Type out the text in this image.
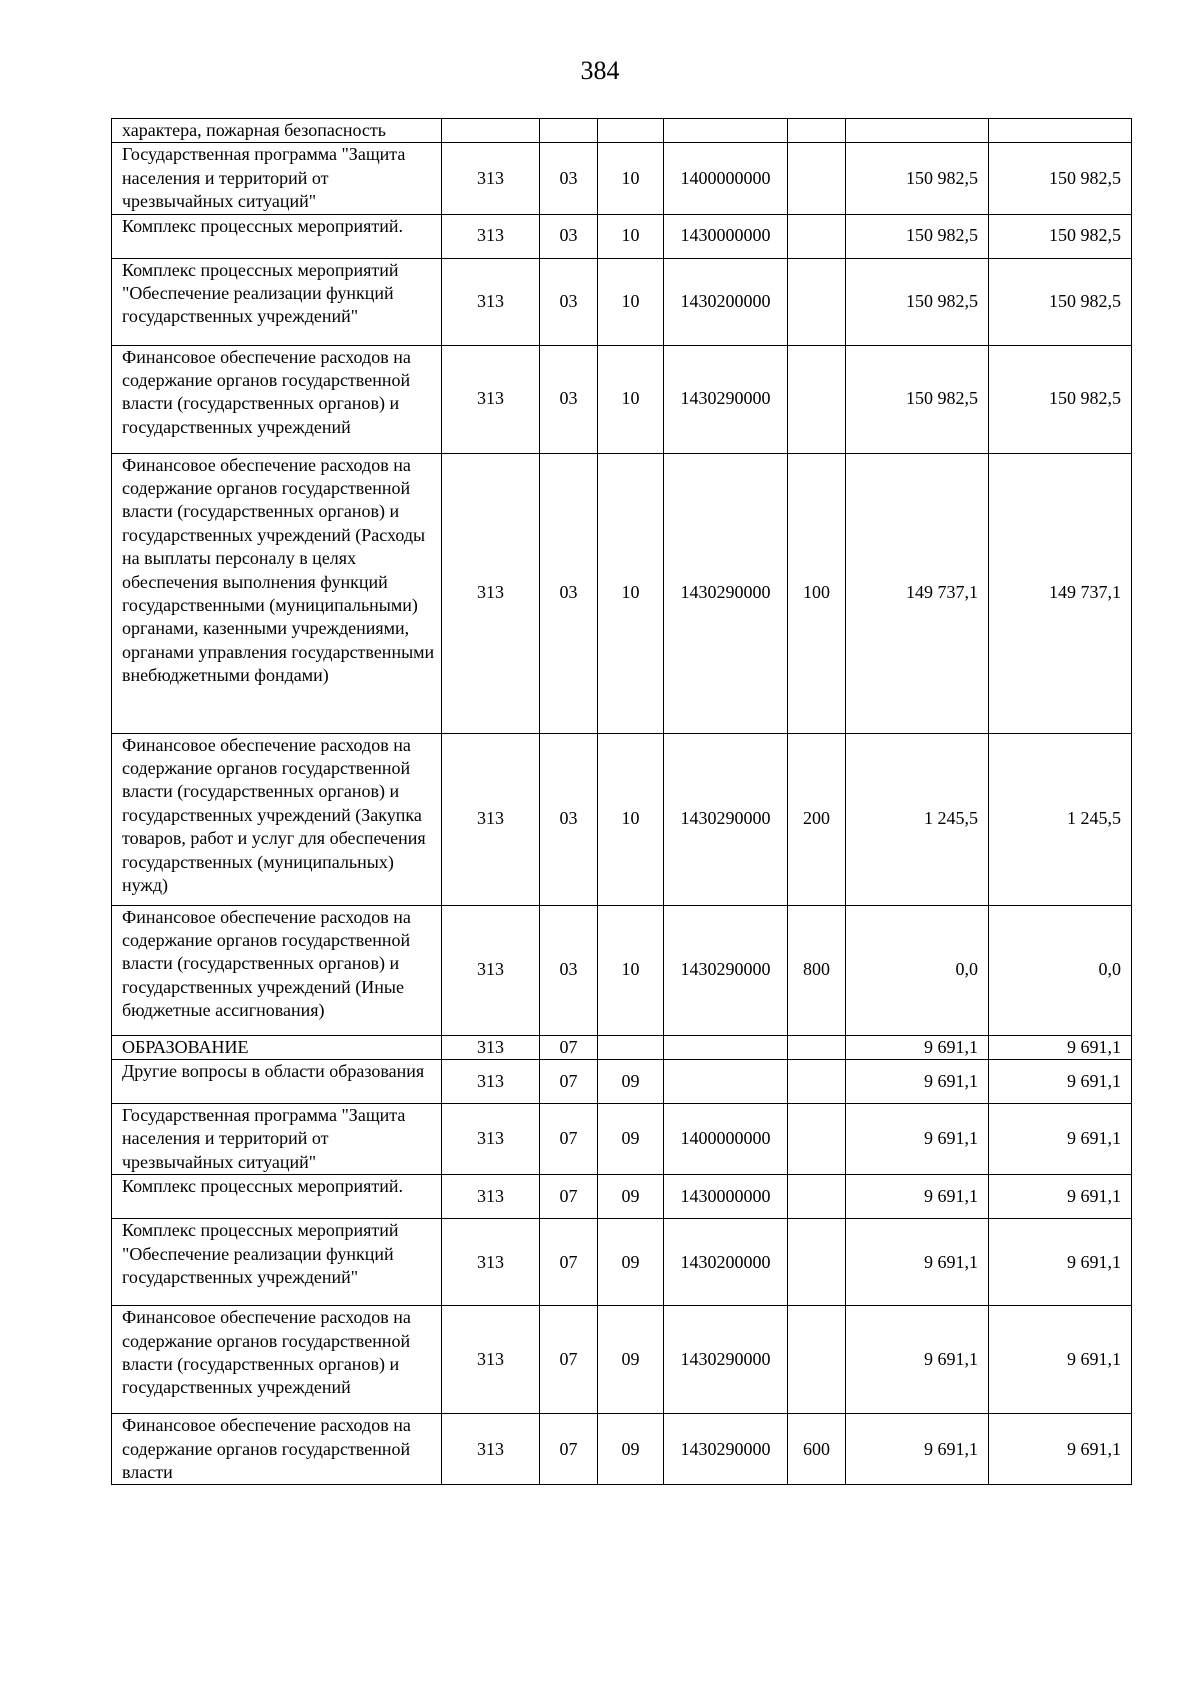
384
характера, пожарная безопасность							
Государственная программа "Защита населения и территорий от чрезвычайных ситуаций"	313	03	10	1400000000		150 982,5	150 982,5
Комплекс процессных мероприятий.	313	03	10	1430000000		150 982,5	150 982,5
Комплекс процессных мероприятий "Обеспечение реализации функций государственных учреждений"	313	03	10	1430200000		150 982,5	150 982,5
Финансовое обеспечение расходов на содержание органов государственной власти (государственных органов) и государственных учреждений	313	03	10	1430290000		150 982,5	150 982,5
Финансовое обеспечение расходов на содержание органов государственной власти (государственных органов) и государственных учреждений (Расходы на выплаты персоналу в целях обеспечения выполнения функций государственными (муниципальными) органами, казенными учреждениями, органами управления государственными внебюджетными фондами)	313	03	10	1430290000	100	149 737,1	149 737,1
Финансовое обеспечение расходов на содержание органов государственной власти (государственных органов) и государственных учреждений (Закупка товаров, работ и услуг для обеспечения государственных (муниципальных) нужд)	313	03	10	1430290000	200	1 245,5	1 245,5
Финансовое обеспечение расходов на содержание органов государственной власти (государственных органов) и государственных учреждений (Иные бюджетные ассигнования)	313	03	10	1430290000	800	0,0	0,0
ОБРАЗОВАНИЕ	313	07				9 691,1	9 691,1
Другие вопросы в области образования	313	07	09			9 691,1	9 691,1
Государственная программа "Защита населения и территорий от чрезвычайных ситуаций"	313	07	09	1400000000		9 691,1	9 691,1
Комплекс процессных мероприятий.	313	07	09	1430000000		9 691,1	9 691,1
Комплекс процессных мероприятий "Обеспечение реализации функций государственных учреждений"	313	07	09	1430200000		9 691,1	9 691,1
Финансовое обеспечение расходов на содержание органов государственной власти (государственных органов) и государственных учреждений	313	07	09	1430290000		9 691,1	9 691,1
Финансовое обеспечение расходов на содержание органов государственной власти	313	07	09	1430290000	600	9 691,1	9 691,1
